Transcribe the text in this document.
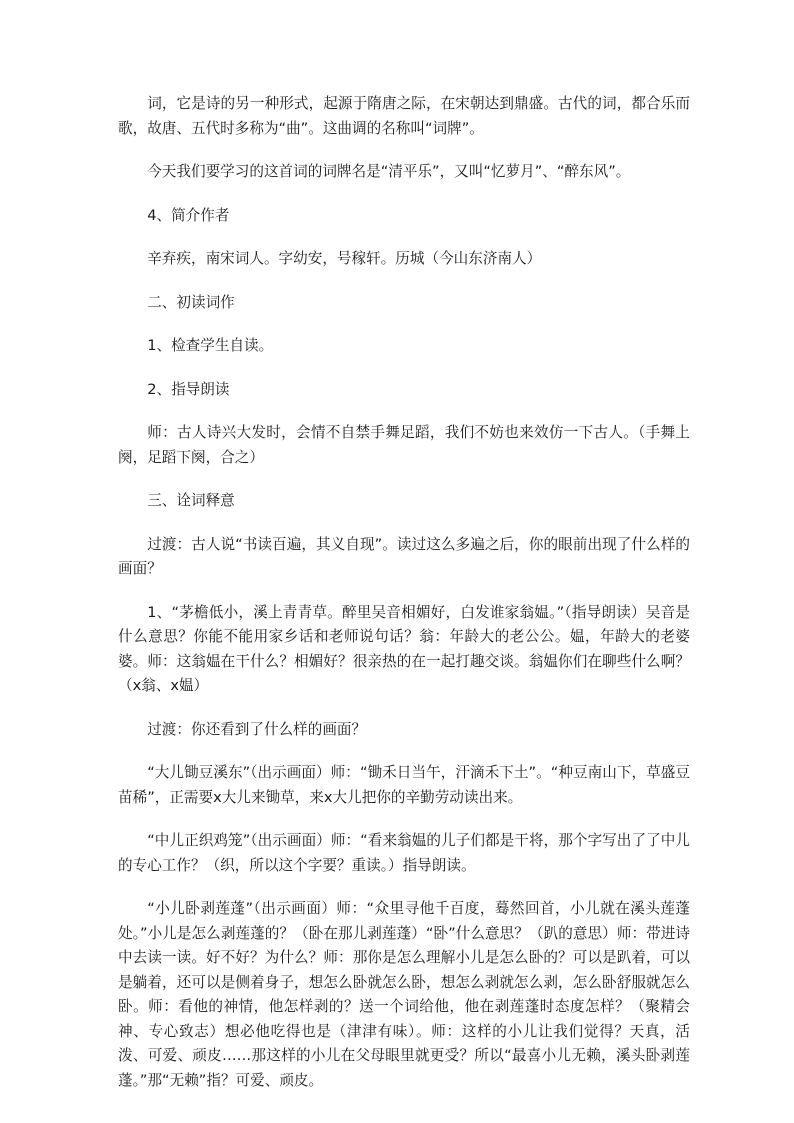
词，它是诗的另一种形式，起源于隋唐之际，在宋朝达到鼎盛。古代的词，都合乐而歌，故唐、五代时多称为“曲”。这曲调的名称叫“词牌”。

今天我们要学习的这首词的词牌名是“清平乐”，又叫“忆萝月”、“醉东风”。

4、简介作者

辛弃疾，南宋词人。字幼安，号稼轩。历城（今山东济南人）

二、初读词作

1、检查学生自读。

2、指导朗读

师：古人诗兴大发时，会情不自禁手舞足蹈，我们不妨也来效仿一下古人。（手舞上阕，足蹈下阕，合之）

三、诠词释意

过渡：古人说“书读百遍，其义自现”。读过这么多遍之后，你的眼前出现了什么样的画面？

1、“茅檐低小，溪上青青草。醉里吴音相媚好，白发谁家翁媪。”（指导朗读）吴音是什么意思？你能不能用家乡话和老师说句话？翁：年龄大的老公公。媪，年龄大的老婆婆。师：这翁媪在干什么？相媚好？很亲热的在一起打趣交谈。翁媪你们在聊些什么啊？（x翁、x媪）

过渡：你还看到了什么样的画面？

“大儿锄豆溪东”（出示画面）师：“锄禾日当午，汗滴禾下土”。“种豆南山下，草盛豆苗稀”，正需要x大儿来锄草，来x大儿把你的辛勤劳动读出来。

“中儿正织鸡笼”（出示画面）师：“看来翁媪的儿子们都是干将，那个字写出了了中儿的专心工作？（织，所以这个字要？重读。）指导朗读。

“小儿卧剥莲蓬”（出示画面）师：“众里寻他千百度，蓦然回首，小儿就在溪头莲蓬处。”小儿是怎么剥莲蓬的？（卧在那儿剥莲蓬）“卧”什么意思？（趴的意思）师：带进诗中去读一读。好不好？为什么？师：那你是怎么理解小儿是怎么卧的？可以是趴着，可以是躺着，还可以是侧着身子，想怎么卧就怎么卧，想怎么剥就怎么剥，怎么卧舒服就怎么卧。师：看他的神情，他怎样剥的？送一个词给他，他在剥莲蓬时态度怎样？（聚精会神、专心致志）想必他吃得也是（津津有味）。师：这样的小儿让我们觉得？天真，活泼、可爱、顽皮……那这样的小儿在父母眼里就更受？所以“最喜小儿无赖，溪头卧剥莲蓬。”那“无赖”指？可爱、顽皮。
